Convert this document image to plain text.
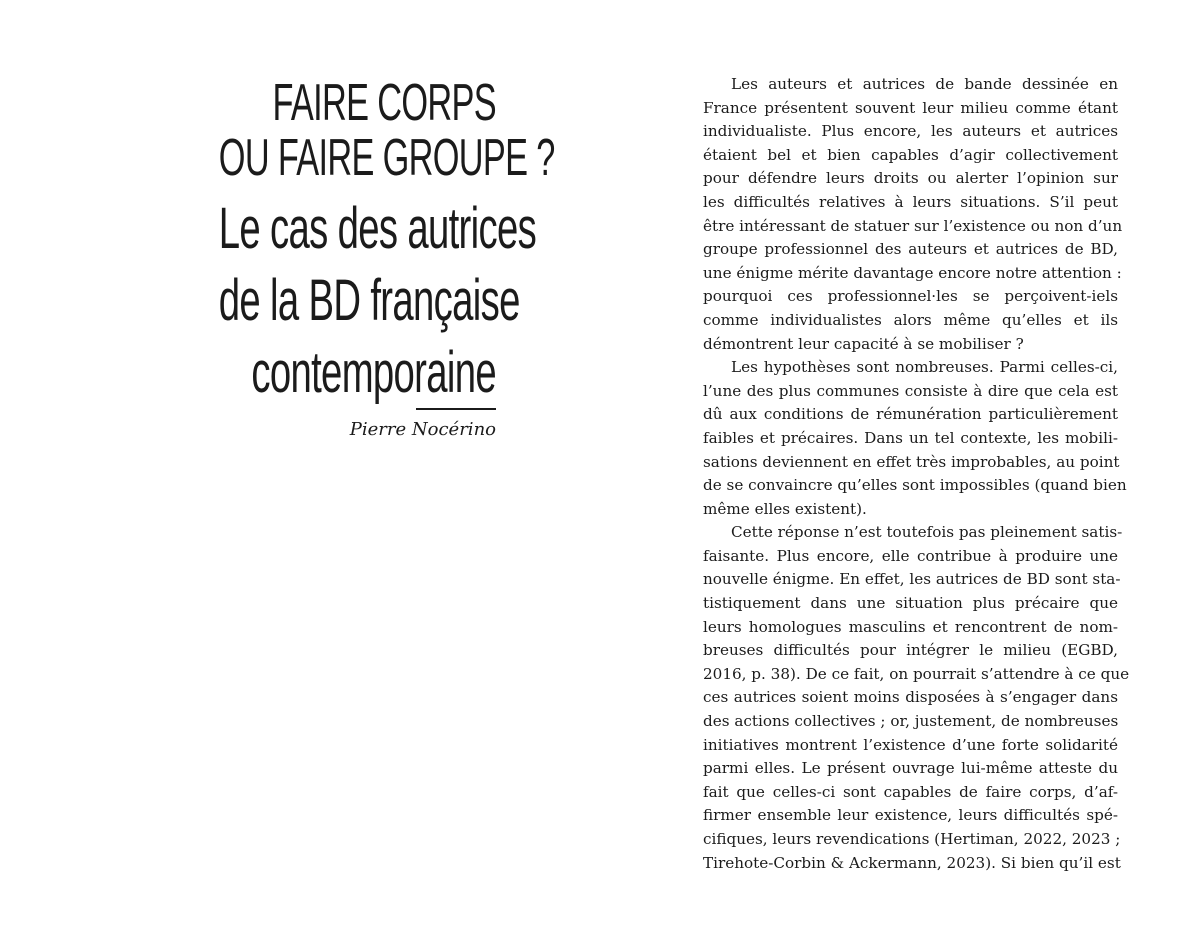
FAIRE CORPS
OU FAIRE GROUPE ?
Le cas des autrices
de la BD française
contemporaine
Pierre Nocérino
Les auteurs et autrices de bande dessinée en
France présentent souvent leur milieu comme étant
individualiste. Plus encore, les auteurs et autrices
étaient bel et bien capables d’agir collectivement
pour défendre leurs droits ou alerter l’opinion sur
les difficultés relatives à leurs situations. S’il peut
être intéressant de statuer sur l’existence ou non d’un
groupe professionnel des auteurs et autrices de BD,
une énigme mérite davantage encore notre attention :
pourquoi ces professionnel·les se perçoivent-iels
comme individualistes alors même qu’elles et ils
démontrent leur capacité à se mobiliser ?
Les hypothèses sont nombreuses. Parmi celles-ci,
l’une des plus communes consiste à dire que cela est
dû aux conditions de rémunération particulièrement
faibles et précaires. Dans un tel contexte, les mobili-
sations deviennent en effet très improbables, au point
de se convaincre qu’elles sont impossibles (quand bien
même elles existent).
Cette réponse n’est toutefois pas pleinement satis-
faisante. Plus encore, elle contribue à produire une
nouvelle énigme. En effet, les autrices de BD sont sta-
tistiquement dans une situation plus précaire que
leurs homologues masculins et rencontrent de nom-
breuses difficultés pour intégrer le milieu (EGBD,
2016, p. 38). De ce fait, on pourrait s’attendre à ce que
ces autrices soient moins disposées à s’engager dans
des actions collectives ; or, justement, de nombreuses
initiatives montrent l’existence d’une forte solidarité
parmi elles. Le présent ouvrage lui-même atteste du
fait que celles-ci sont capables de faire corps, d’af-
firmer ensemble leur existence, leurs difficultés spé-
cifiques, leurs revendications (Hertiman, 2022, 2023 ;
Tirehote-Corbin & Ackermann, 2023). Si bien qu’il est
